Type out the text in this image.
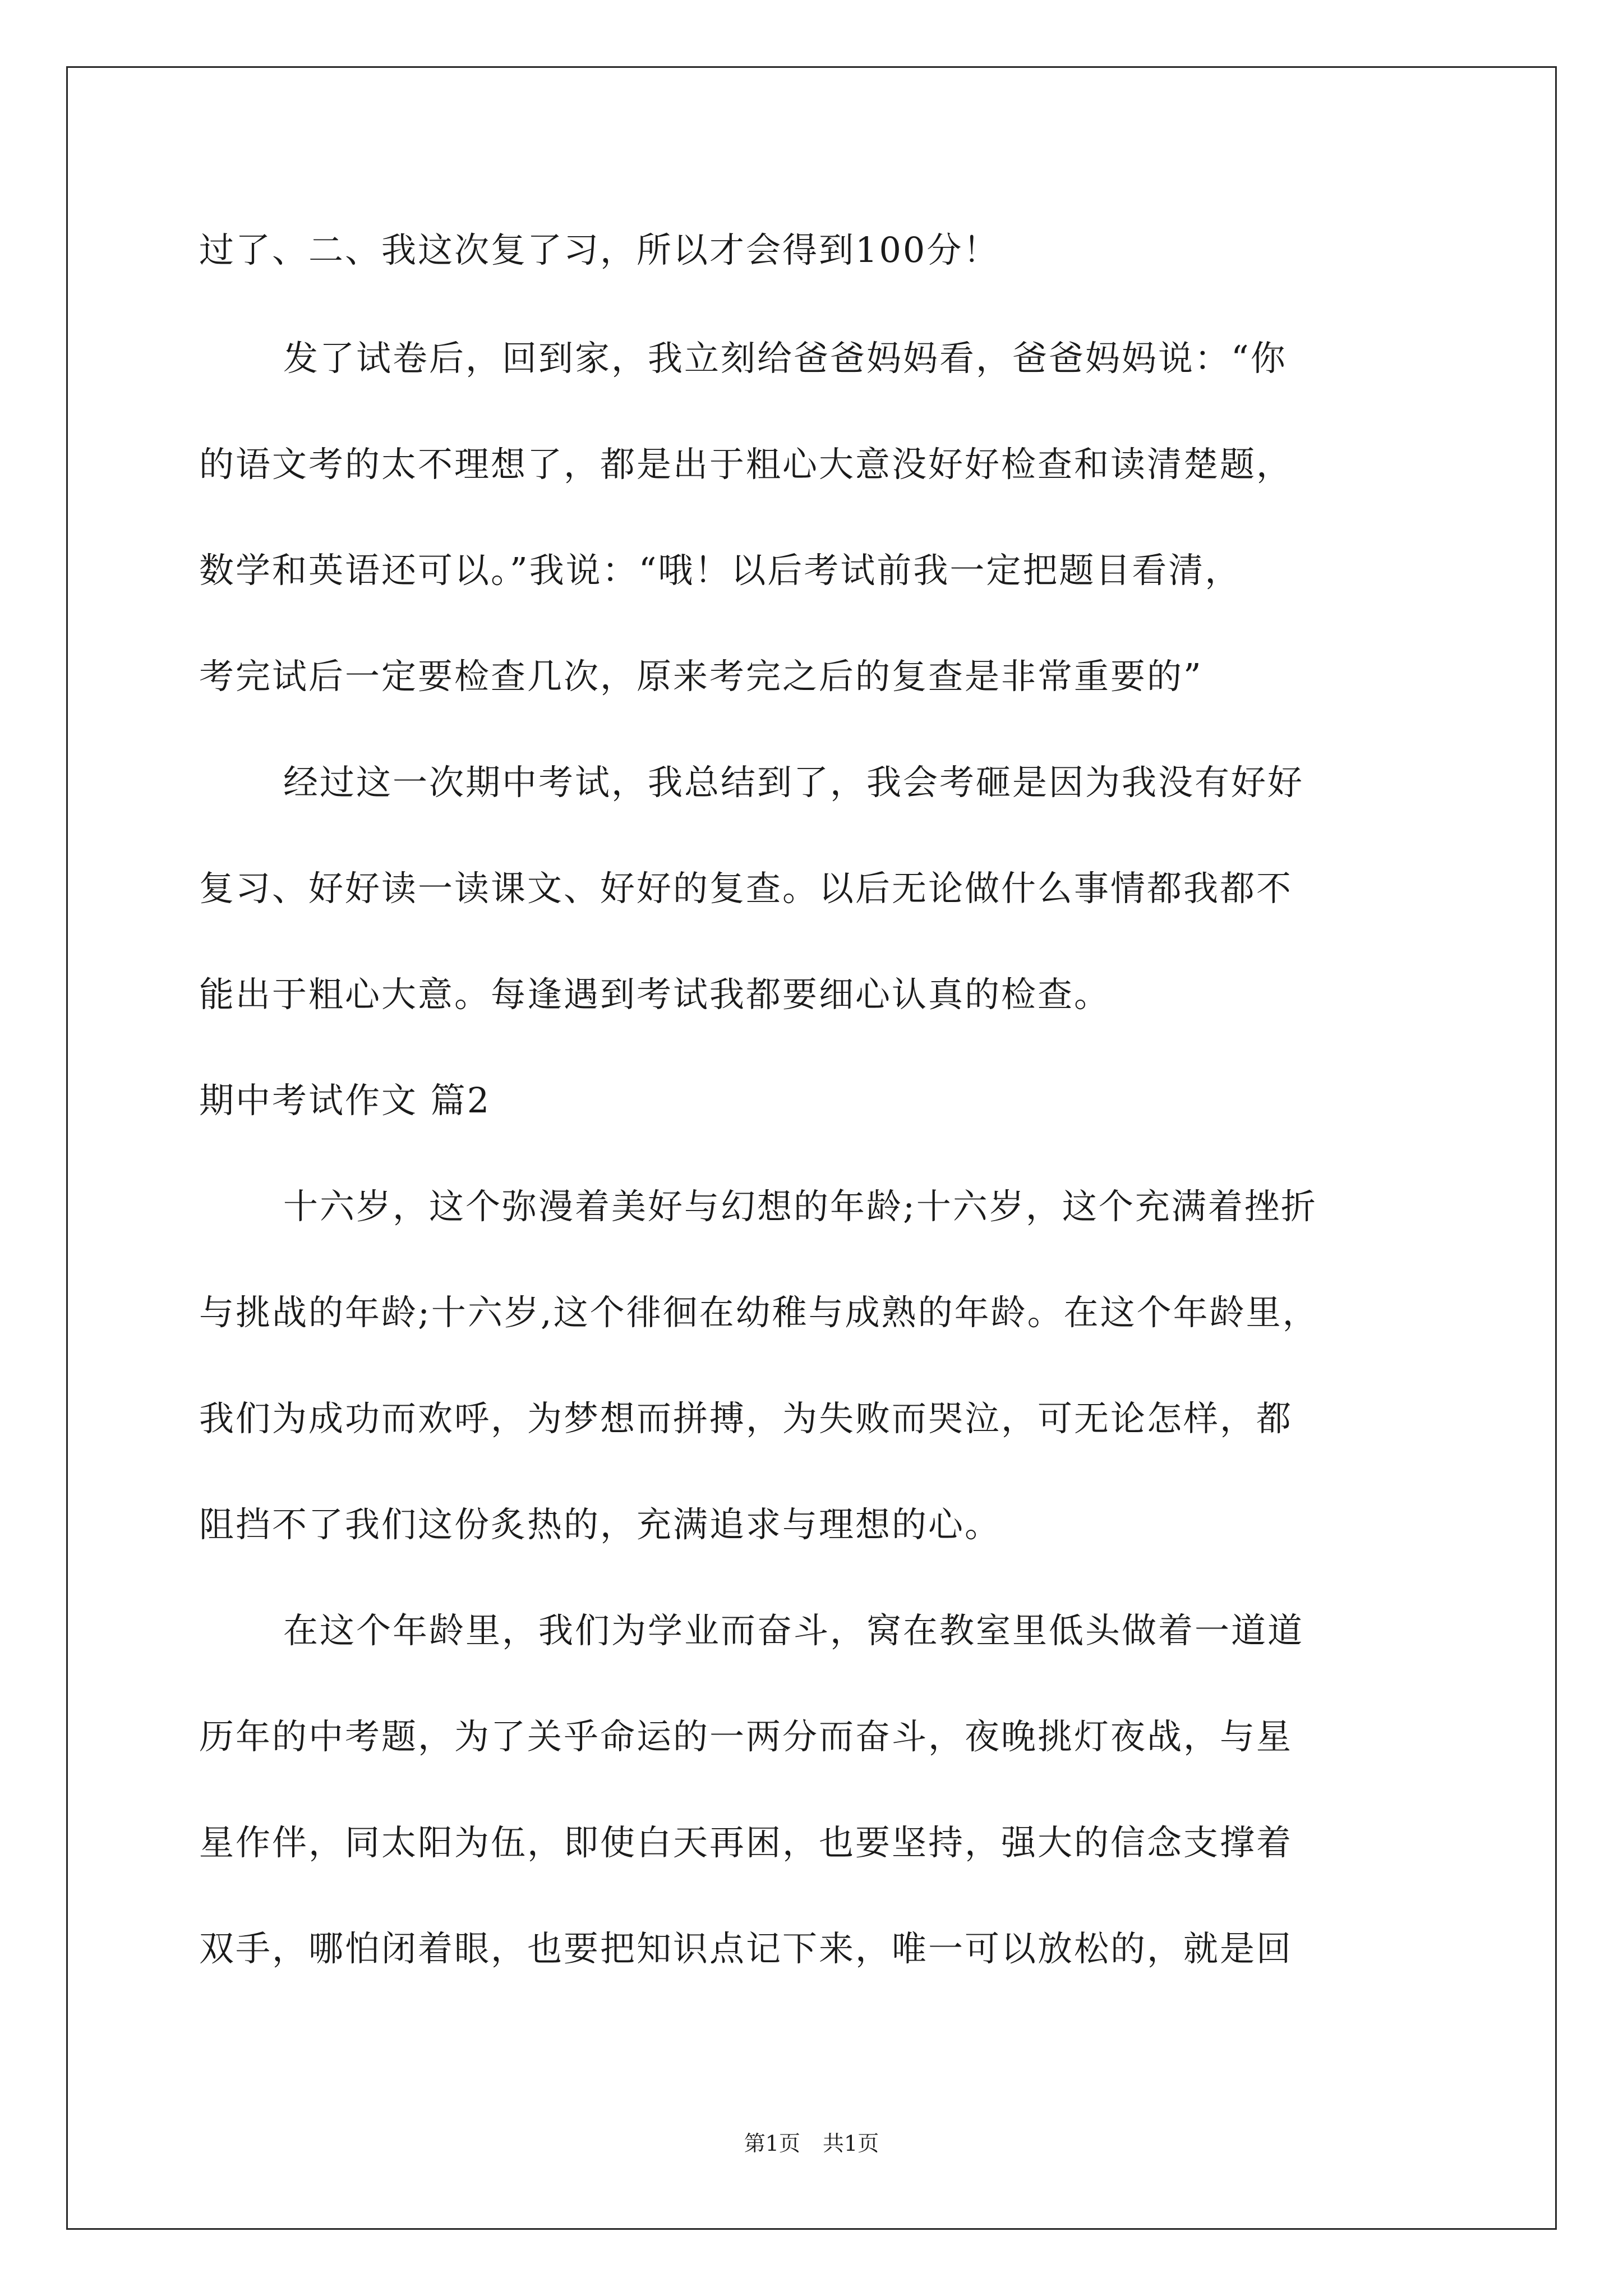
过了、二、我这次复了习，所以才会得到100分！
发了试卷后，回到家，我立刻给爸爸妈妈看，爸爸妈妈说：“你
的语文考的太不理想了，都是出于粗心大意没好好检查和读清楚题，
数学和英语还可以。”我说：“哦！以后考试前我一定把题目看清，
考完试后一定要检查几次，原来考完之后的复查是非常重要的”
经过这一次期中考试，我总结到了，我会考砸是因为我没有好好
复习、好好读一读课文、好好的复查。以后无论做什么事情都我都不
能出于粗心大意。每逢遇到考试我都要细心认真的检查。
期中考试作文 篇2
十六岁，这个弥漫着美好与幻想的年龄;十六岁，这个充满着挫折
与挑战的年龄;十六岁,这个徘徊在幼稚与成熟的年龄。在这个年龄里，
我们为成功而欢呼，为梦想而拼搏，为失败而哭泣，可无论怎样，都
阻挡不了我们这份炙热的，充满追求与理想的心。
在这个年龄里，我们为学业而奋斗，窝在教室里低头做着一道道
历年的中考题，为了关乎命运的一两分而奋斗，夜晚挑灯夜战，与星
星作伴，同太阳为伍，即使白天再困，也要坚持，强大的信念支撑着
双手，哪怕闭着眼，也要把知识点记下来，唯一可以放松的，就是回
第1页 共1页
